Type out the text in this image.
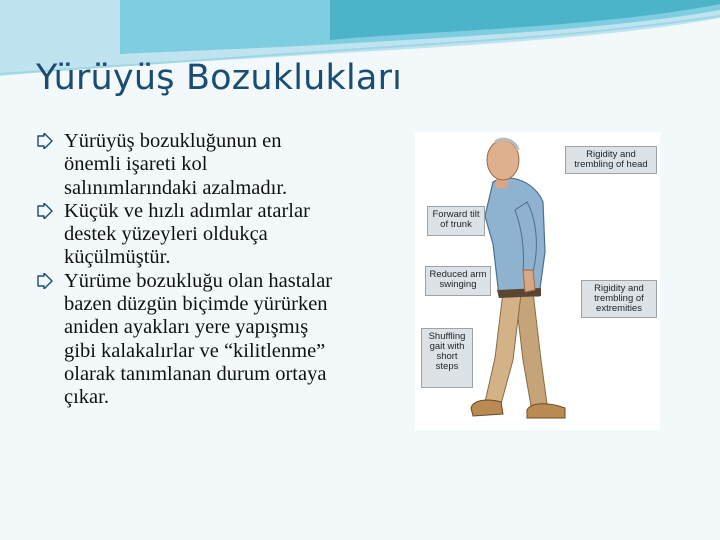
Yürüyüş Bozuklukları
Yürüyüş bozukluğunun en önemli işareti kol salınımlarındaki azalmadır.
Küçük ve hızlı adımlar atarlar destek yüzeyleri oldukça küçülmüştür.
Yürüme bozukluğu olan hastalar bazen düzgün biçimde yürürken aniden ayakları yere yapışmış gibi kalakalırlar ve “kilitlenme” olarak tanımlanan durum ortaya çıkar.
Rigidity and trembling of head
Forward tilt of trunk
Reduced arm swinging	Rigidity and trembling of extremities
Shuffling gait with short steps
